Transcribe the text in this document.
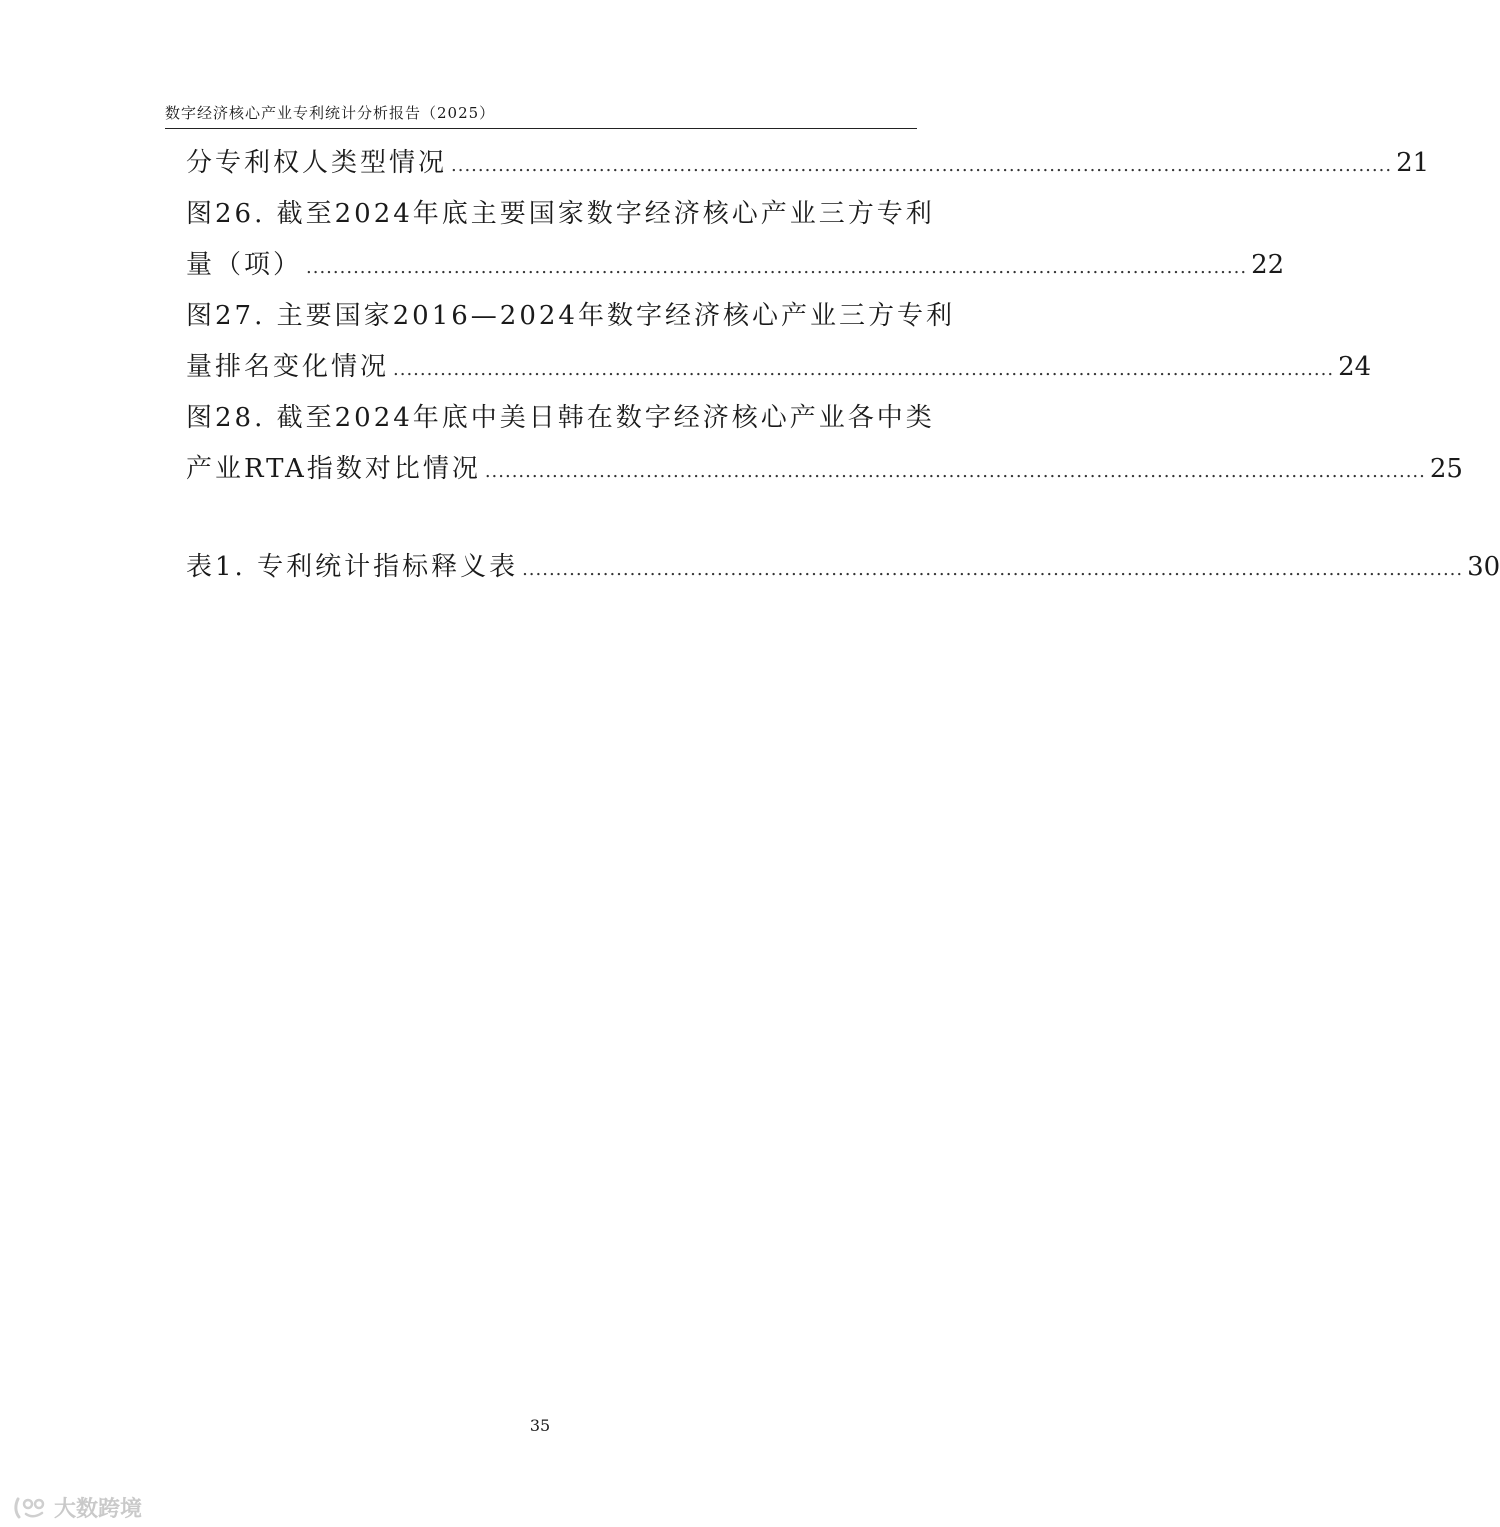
数字经济核心产业专利统计分析报告（2025）
分专利权人类型情况 ............................................................................................................................................ 21
图26. 截至2024年底主要国家数字经济核心产业三方专利
量（项） ............................................................................................................................................ 22
图27. 主要国家2016—2024年数字经济核心产业三方专利
量排名变化情况 ............................................................................................................................................ 24
图28. 截至2024年底中美日韩在数字经济核心产业各中类
产业RTA指数对比情况 ............................................................................................................................................ 25
表1. 专利统计指标释义表 ............................................................................................................................................ 30
35
大数跨境
